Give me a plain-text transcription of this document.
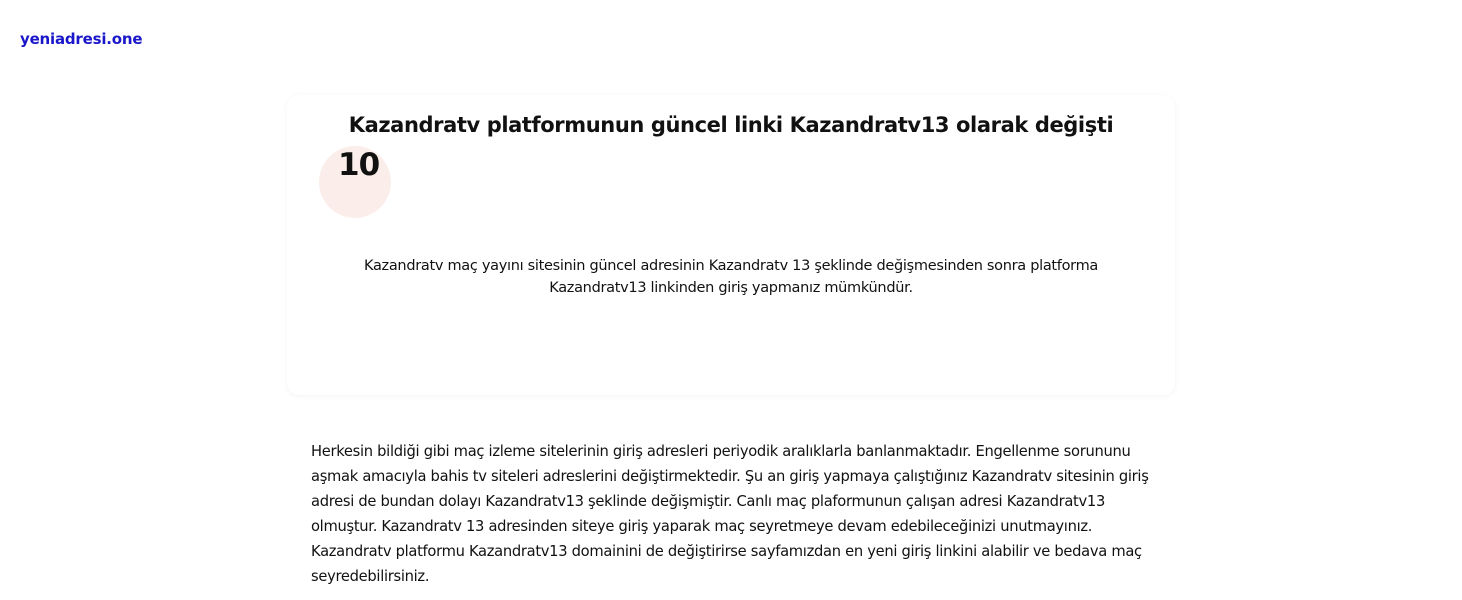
yeniadresi.one
Kazandratv platformunun güncel linki Kazandratv13 olarak değişti
10

Kazandratv maç yayını sitesinin güncel adresinin Kazandratv 13 şeklinde değişmesinden sonra platforma Kazandratv13 linkinden giriş yapmanız mümkündür.

Herkesin bildiği gibi maç izleme sitelerinin giriş adresleri periyodik aralıklarla banlanmaktadır. Engellenme sorununu aşmak amacıyla bahis tv siteleri adreslerini değiştirmektedir. Şu an giriş yapmaya çalıştığınız Kazandratv sitesinin giriş adresi de bundan dolayı Kazandratv13 şeklinde değişmiştir. Canlı maç plaformunun çalışan adresi Kazandratv13 olmuştur. Kazandratv 13 adresinden siteye giriş yaparak maç seyretmeye devam edebileceğinizi unutmayınız. Kazandratv platformu Kazandratv13 domainini de değiştirirse sayfamızdan en yeni giriş linkini alabilir ve bedava maç seyredebilirsiniz.
